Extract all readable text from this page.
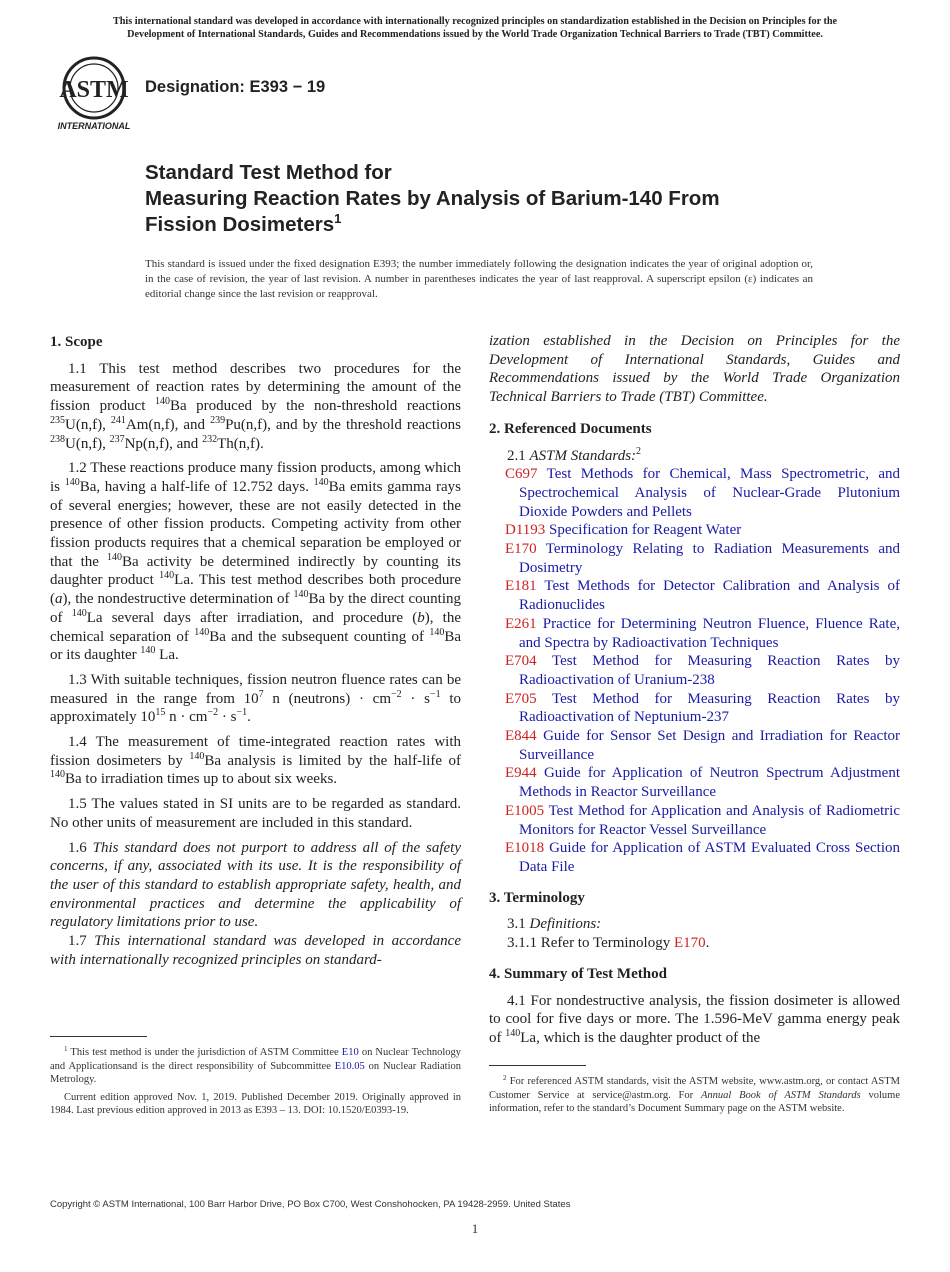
This international standard was developed in accordance with internationally recognized principles on standardization established in the Decision on Principles for the
Development of International Standards, Guides and Recommendations issued by the World Trade Organization Technical Barriers to Trade (TBT) Committee.
ASTM
INTERNATIONAL
Designation: E393 − 19
Standard Test Method for
Measuring Reaction Rates by Analysis of Barium-140 From
Fission Dosimeters$^1$
This standard is issued under the fixed designation E393; the number immediately following the designation indicates the year of original adoption or, in the case of revision, the year of last revision. A number in parentheses indicates the year of last reapproval. A superscript epsilon (ε) indicates an editorial change since the last revision or reapproval.
1. Scope

1.1 This test method describes two procedures for the measurement of reaction rates by determining the amount of the fission product $^{140}$Ba produced by the non-threshold reactions $^{235}$U(n,f), $^{241}$Am(n,f), and $^{239}$Pu(n,f), and by the threshold reactions $^{238}$U(n,f), $^{237}$Np(n,f), and $^{232}$Th(n,f).

1.2 These reactions produce many fission products, among which is $^{140}$Ba, having a half-life of 12.752 days. $^{140}$Ba emits gamma rays of several energies; however, these are not easily detected in the presence of other fission products. Competing activity from other fission products requires that a chemical separation be employed or that the $^{140}$Ba activity be determined indirectly by counting its daughter product $^{140}$La. This test method describes both procedure (a), the nondestructive determination of $^{140}$Ba by the direct counting of $^{140}$La several days after irradiation, and procedure (b), the chemical separation of $^{140}$Ba and the subsequent counting of $^{140}$Ba or its daughter $^{140}$ La.

1.3 With suitable techniques, fission neutron fluence rates can be measured in the range from $10^7$ n (neutrons) · $cm^{-2} \cdot s^{-1}$ to approximately $10^{15}$ $n \cdot cm^{-2} \cdot s^{-1}$.

1.4 The measurement of time-integrated reaction rates with fission dosimeters by $^{140}$Ba analysis is limited by the half-life of $^{140}$Ba to irradiation times up to about six weeks.

1.5 The values stated in SI units are to be regarded as standard. No other units of measurement are included in this standard.

1.6 This standard does not purport to address all of the safety concerns, if any, associated with its use. It is the responsibility of the user of this standard to establish appropriate safety, health, and environmental practices and determine the applicability of regulatory limitations prior to use.

1.7 This international standard was developed in accordance with internationally recognized principles on standard-

ization established in the Decision on Principles for the Development of International Standards, Guides and Recommendations issued by the World Trade Organization Technical Barriers to Trade (TBT) Committee.

2. Referenced Documents

2.1 ASTM Standards:$^2$

C697 Test Methods for Chemical, Mass Spectrometric, and Spectrochemical Analysis of Nuclear-Grade Plutonium Dioxide Powders and Pellets
D1193 Specification for Reagent Water
E170 Terminology Relating to Radiation Measurements and Dosimetry
E181 Test Methods for Detector Calibration and Analysis of Radionuclides
E261 Practice for Determining Neutron Fluence, Fluence Rate, and Spectra by Radioactivation Techniques
E704 Test Method for Measuring Reaction Rates by Radioactivation of Uranium-238
E705 Test Method for Measuring Reaction Rates by Radioactivation of Neptunium-237
E844 Guide for Sensor Set Design and Irradiation for Reactor Surveillance
E944 Guide for Application of Neutron Spectrum Adjustment Methods in Reactor Surveillance
E1005 Test Method for Application and Analysis of Radiometric Monitors for Reactor Vessel Surveillance
E1018 Guide for Application of ASTM Evaluated Cross Section Data File
3. Terminology

3.1 Definitions:

3.1.1 Refer to Terminology E170.

4. Summary of Test Method

4.1 For nondestructive analysis, the fission dosimeter is allowed to cool for five days or more. The 1.596-MeV gamma energy peak of $^{140}$La, which is the daughter product of the

$^1$ This test method is under the jurisdiction of ASTM Committee E10 on Nuclear Technology and Applicationsand is the direct responsibility of Subcommittee E10.05 on Nuclear Radiation Metrology.

Current edition approved Nov. 1, 2019. Published December 2019. Originally approved in 1984. Last previous edition approved in 2013 as E393 – 13. DOI: 10.1520/E0393-19.

$^2$ For referenced ASTM standards, visit the ASTM website, www.astm.org, or contact ASTM Customer Service at service@astm.org. For Annual Book of ASTM Standards volume information, refer to the standard’s Document Summary page on the ASTM website.

Copyright © ASTM International, 100 Barr Harbor Drive, PO Box C700, West Conshohocken, PA 19428-2959. United States
1
